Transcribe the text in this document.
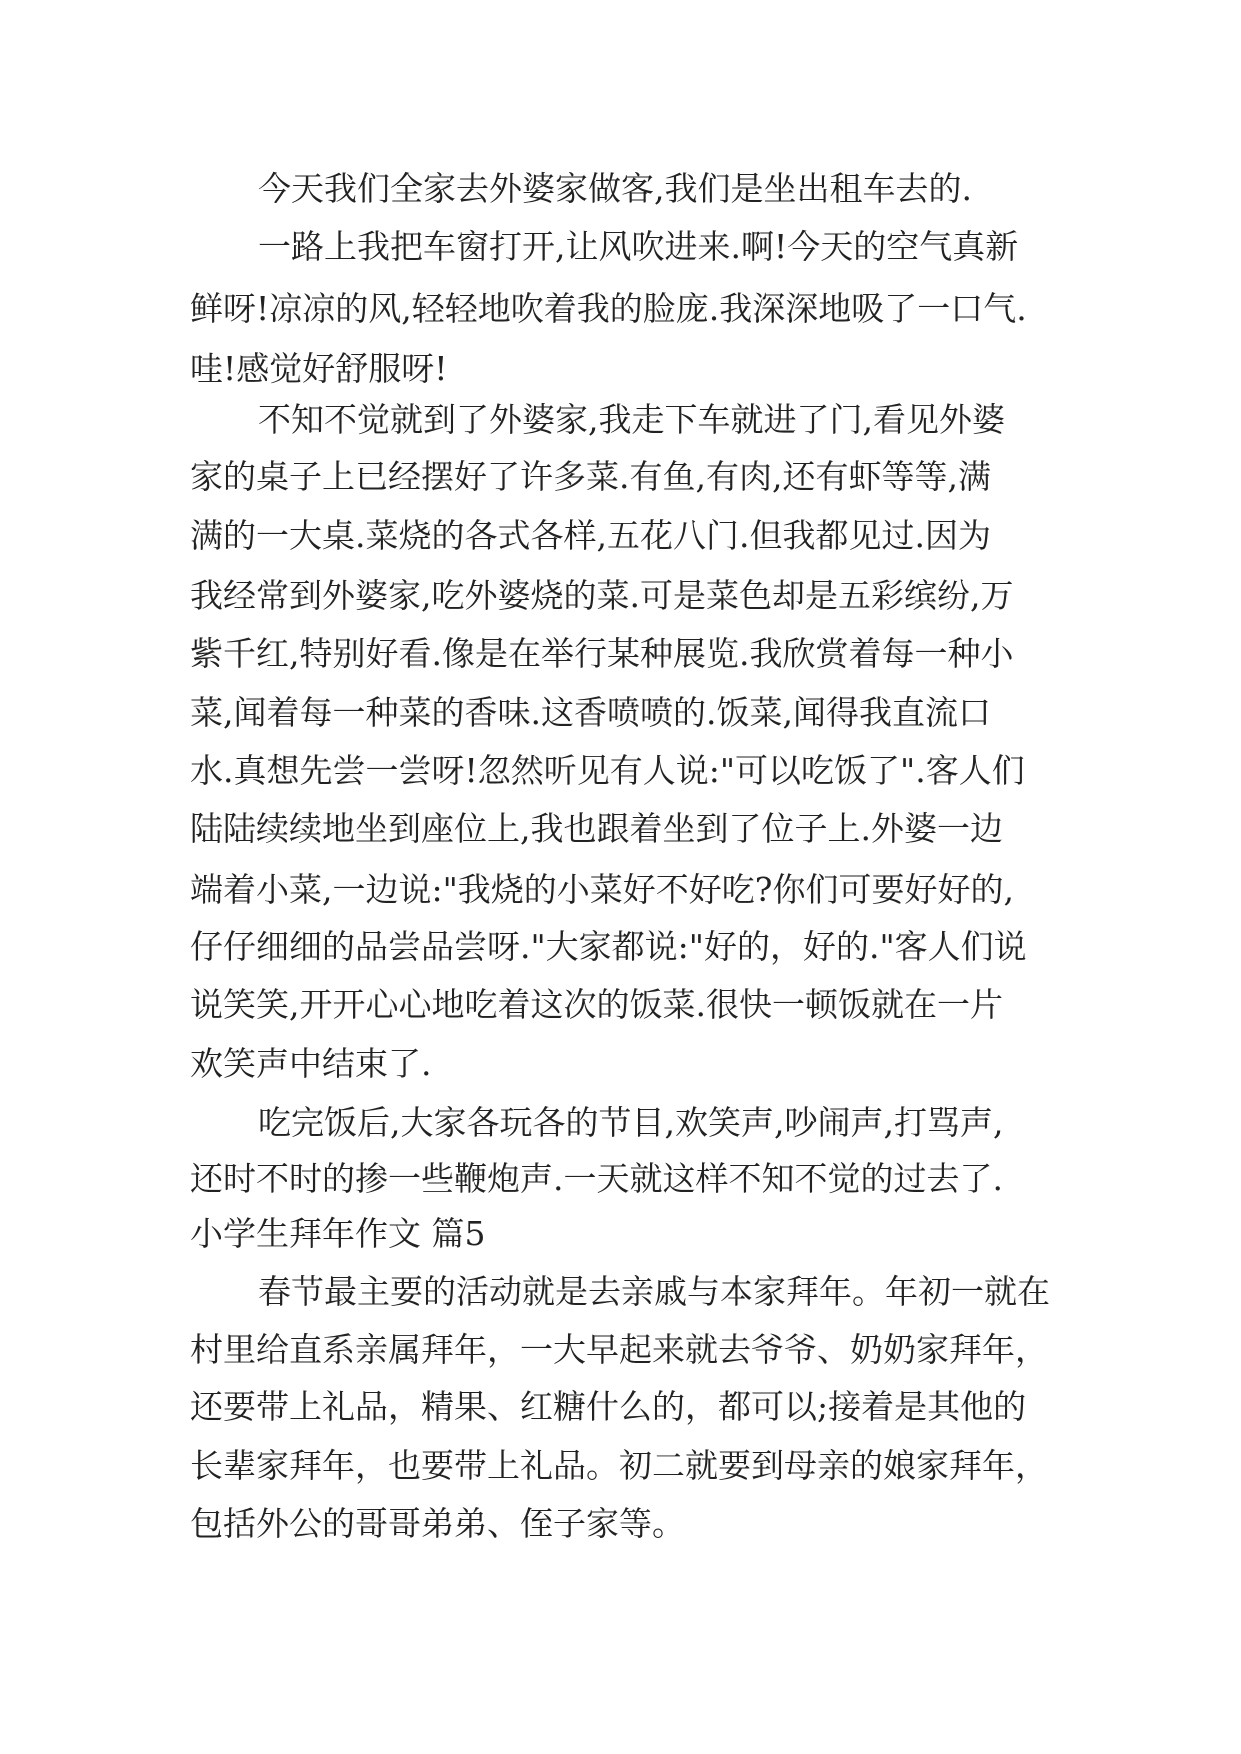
今天我们全家去外婆家做客,我们是坐出租车去的.
一路上我把车窗打开,让风吹进来.啊!今天的空气真新
鲜呀!凉凉的风,轻轻地吹着我的脸庞.我深深地吸了一口气.
哇!感觉好舒服呀!
不知不觉就到了外婆家,我走下车就进了门,看见外婆
家的桌子上已经摆好了许多菜.有鱼,有肉,还有虾等等,满
满的一大桌.菜烧的各式各样,五花八门.但我都见过.因为
我经常到外婆家,吃外婆烧的菜.可是菜色却是五彩缤纷,万
紫千红,特别好看.像是在举行某种展览.我欣赏着每一种小
菜,闻着每一种菜的香味.这香喷喷的.饭菜,闻得我直流口
水.真想先尝一尝呀!忽然听见有人说:"可以吃饭了".客人们
陆陆续续地坐到座位上,我也跟着坐到了位子上.外婆一边
端着小菜,一边说:"我烧的小菜好不好吃?你们可要好好的,
仔仔细细的品尝品尝呀."大家都说:"好的，好的."客人们说
说笑笑,开开心心地吃着这次的饭菜.很快一顿饭就在一片
欢笑声中结束了.
吃完饭后,大家各玩各的节目,欢笑声,吵闹声,打骂声,
还时不时的掺一些鞭炮声.一天就这样不知不觉的过去了.
小学生拜年作文 篇5
春节最主要的活动就是去亲戚与本家拜年。年初一就在
村里给直系亲属拜年，一大早起来就去爷爷、奶奶家拜年，
还要带上礼品，精果、红糖什么的，都可以;接着是其他的
长辈家拜年，也要带上礼品。初二就要到母亲的娘家拜年，
包括外公的哥哥弟弟、侄子家等。
